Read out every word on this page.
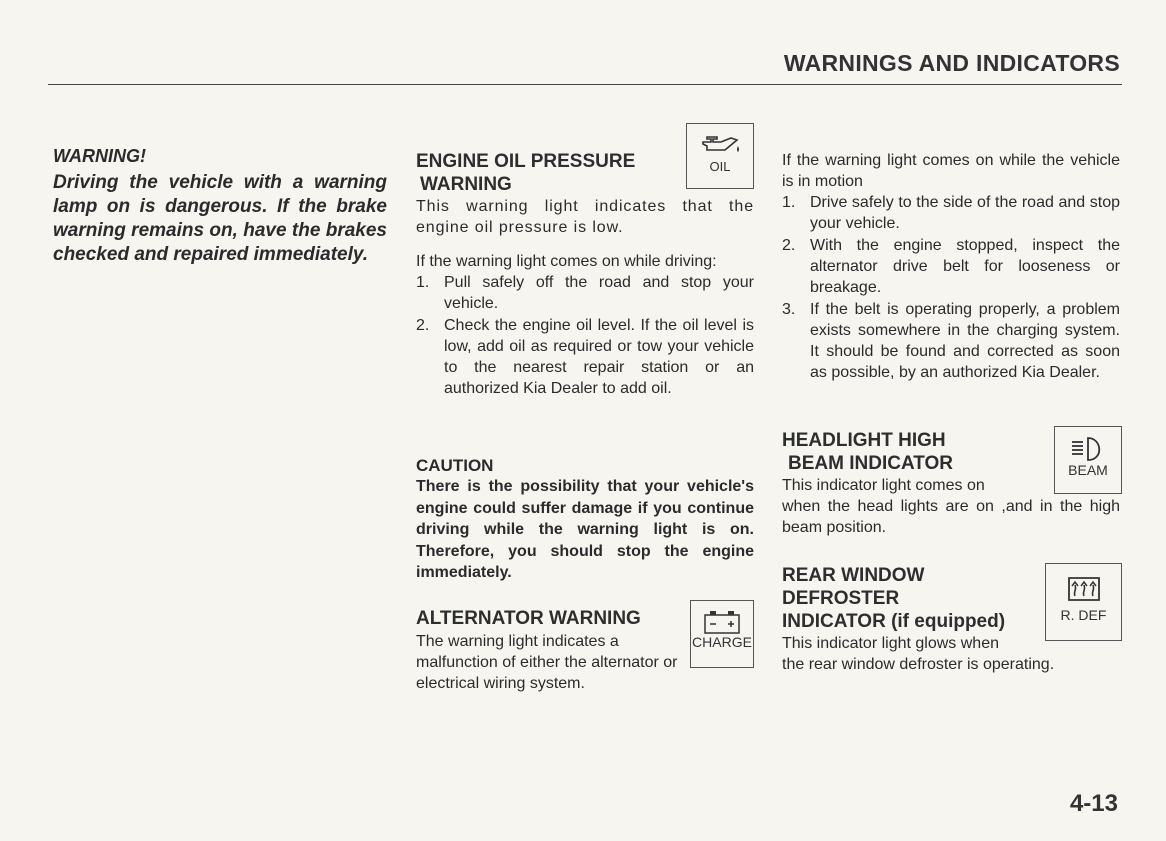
WARNINGS AND INDICATORS
WARNING!
Driving the vehicle with a warning lamp on is dangerous. If the brake warning remains on, have the brakes checked and repaired immediately.
ENGINE OIL PRESSURE
WARNING
This warning light indicates that the engine oil pressure is low.
If the warning light comes on while driving:
1. Pull safely off the road and stop your vehicle.
2. Check the engine oil level. If the oil level is low, add oil as required or tow your vehicle to the nearest repair station or an authorized Kia Dealer to add oil.
OIL
CAUTION
There is the possibility that your vehicle's engine could suffer damage if you continue driving while the warning light is on. Therefore, you should stop the engine immediately.
ALTERNATOR WARNING
The warning light indicates a malfunction of either the alternator or electrical wiring system.
CHARGE
If the warning light comes on while the vehicle is in motion
1. Drive safely to the side of the road and stop your vehicle.
2. With the engine stopped, inspect the alternator drive belt for looseness or breakage.
3. If the belt is operating properly, a problem exists somewhere in the charging system. It should be found and corrected as soon as possible, by an authorized Kia Dealer.
HEADLIGHT HIGH
BEAM INDICATOR
This indicator light comes on
when the head lights are on ,and in the high beam position.
BEAM
REAR WINDOW
DEFROSTER
INDICATOR (if equipped)
This indicator light glows when
the rear window defroster is operating.
R. DEF
4-13
